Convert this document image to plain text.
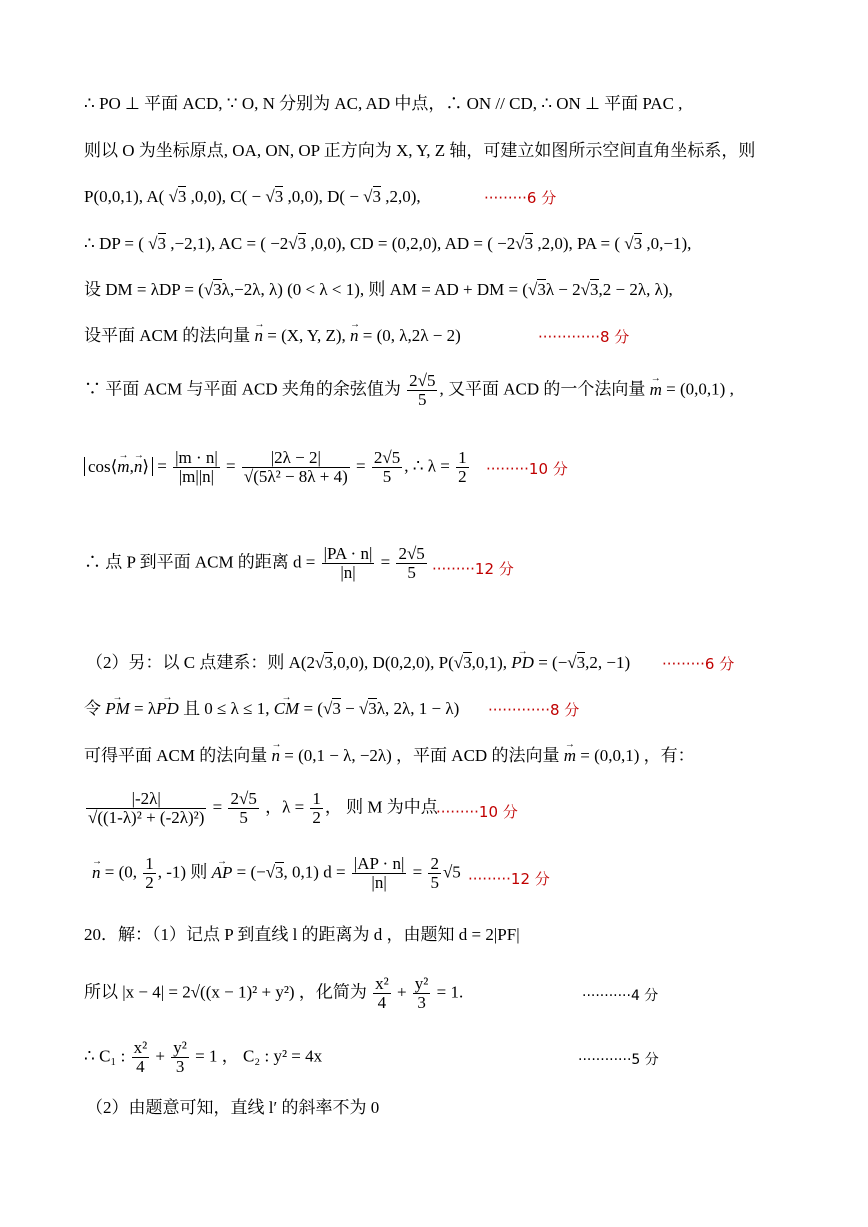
∴ PO ⊥ 平面 ACD, ∵ O, N 分别为 AC, AD 中点，∴ ON // CD, ∴ ON ⊥ 平面 PAC ,
则以 O 为坐标原点, OA, ON, OP 正方向为 X, Y, Z 轴，可建立如图所示空间直角坐标系，则
P(0,0,1), A( √3 ,0,0), C( − √3 ,0,0), D( − √3 ,2,0),	·········6 分
∴ DP = ( √3 ,−2,1), AC = ( −2√3 ,0,0), CD = (0,2,0), AD = ( −2√3 ,2,0), PA = ( √3 ,0,−1),
设 DM = λDP = (√3λ,−2λ, λ) (0 < λ < 1), 则 AM = AD + DM = (√3λ − 2√3,2 − 2λ, λ),
设平面 ACM 的法向量 → n = (X, Y, Z), → n = (0, λ,2λ − 2)	·············8 分
∵ 平面 ACM 与平面 ACD 夹角的余弦值为 $\frac{2√5}{5}$ , 又平面 ACD 的一个法向量 → m = (0,0,1) ,
cos⟨→ m,→ n⟩ = $\frac{|m \cdot n|}{|m||n|} = \frac{|2\lambda - 2|}{\text{√(5λ² − 8λ + 4)}} = \frac{2√5}{5}$ , ∴ $\lambda = \frac{1}{2} \cdot\cdot\cdot\cdot\cdot\cdot\cdot\cdot\cdot 10$ 分
∴ 点 P 到平面 ACM 的距离 $d = \frac{|PA \cdot n|}{|n|} = \frac{2√5}{5} \cdot\cdot\cdot\cdot\cdot\cdot\cdot\cdot\cdot 12$ 分
（2）另：以 C 点建系：则 A(2√3,0,0), D(0,2,0), P(√3,0,1), → PD = (−√3,2, −1) ·········6 分
令 → PM = λ→ PD 且 0 ≤ λ ≤ 1, → CM = (√3 − √3λ, 2λ, 1 − λ) ·············8 分
可得平面 ACM 的法向量 → n = (0,1 − λ, −2λ) ，平面 ACD 的法向量 → m = (0,0,1) ，有：
$\frac{|-2\lambda|}{\text{√((1-λ)² + (-2λ)²)}} = \frac{2√5}{5}$ ，$\lambda = \frac{1}{2}$ ， 则 M 为中点
·········10 分
→ n = (0, $\frac{1}{2}$ , -1) 则 → AP = (−√3, 0,1) $d = \frac{|AP \cdot n|}{|n|} = \frac{2}{5} √5 \cdot\cdot\cdot\cdot\cdot\cdot\cdot\cdot\cdot 12$ 分
20．解：（1）记点 P 到直线 l 的距离为 d ，由题知 d = 2|PF|
所以 |x − 4| = 2√((x − 1)² + y²) ，化简为 $\frac{\text{x²}}{4} + \frac{\text{y²}}{3} = 1$.	···········4 分
∴ C₁ : $\frac{\text{x²}}{4} + \frac{\text{y²}}{3} = 1$ ， C₂ : y² = 4x	············5 分
（2）由题意可知，直线 l′ 的斜率不为 0
